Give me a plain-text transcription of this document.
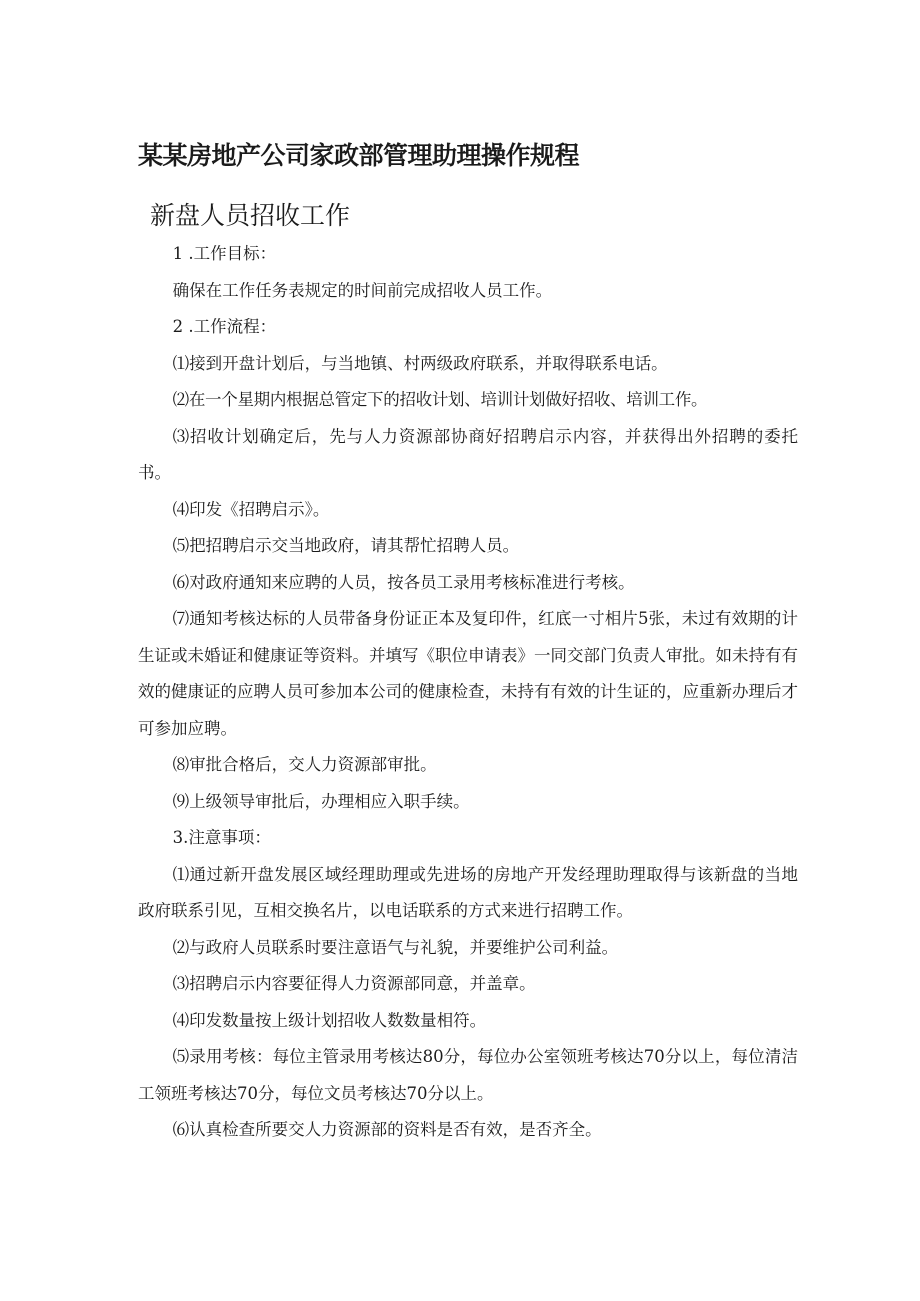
某某房地产公司家政部管理助理操作规程
新盘人员招收工作

1 .工作目标：

确保在工作任务表规定的时间前完成招收人员工作。

2 .工作流程：

⑴接到开盘计划后，与当地镇、村两级政府联系，并取得联系电话。

⑵在一个星期内根据总管定下的招收计划、培训计划做好招收、培训工作。

⑶招收计划确定后，先与人力资源部协商好招聘启示内容，并获得出外招聘的委托书。

⑷印发《招聘启示》。

⑸把招聘启示交当地政府，请其帮忙招聘人员。

⑹对政府通知来应聘的人员，按各员工录用考核标准进行考核。

⑺通知考核达标的人员带备身份证正本及复印件，红底一寸相片5张，未过有效期的计生证或未婚证和健康证等资料。并填写《职位申请表》一同交部门负责人审批。如未持有有效的健康证的应聘人员可参加本公司的健康检查，未持有有效的计生证的，应重新办理后才可参加应聘。

⑻审批合格后，交人力资源部审批。

⑼上级领导审批后，办理相应入职手续。

3.注意事项：

⑴通过新开盘发展区域经理助理或先进场的房地产开发经理助理取得与该新盘的当地政府联系引见，互相交换名片，以电话联系的方式来进行招聘工作。

⑵与政府人员联系时要注意语气与礼貌，并要维护公司利益。

⑶招聘启示内容要征得人力资源部同意，并盖章。

⑷印发数量按上级计划招收人数数量相符。

⑸录用考核：每位主管录用考核达80分，每位办公室领班考核达70分以上，每位清洁工领班考核达70分，每位文员考核达70分以上。

⑹认真检查所要交人力资源部的资料是否有效，是否齐全。
